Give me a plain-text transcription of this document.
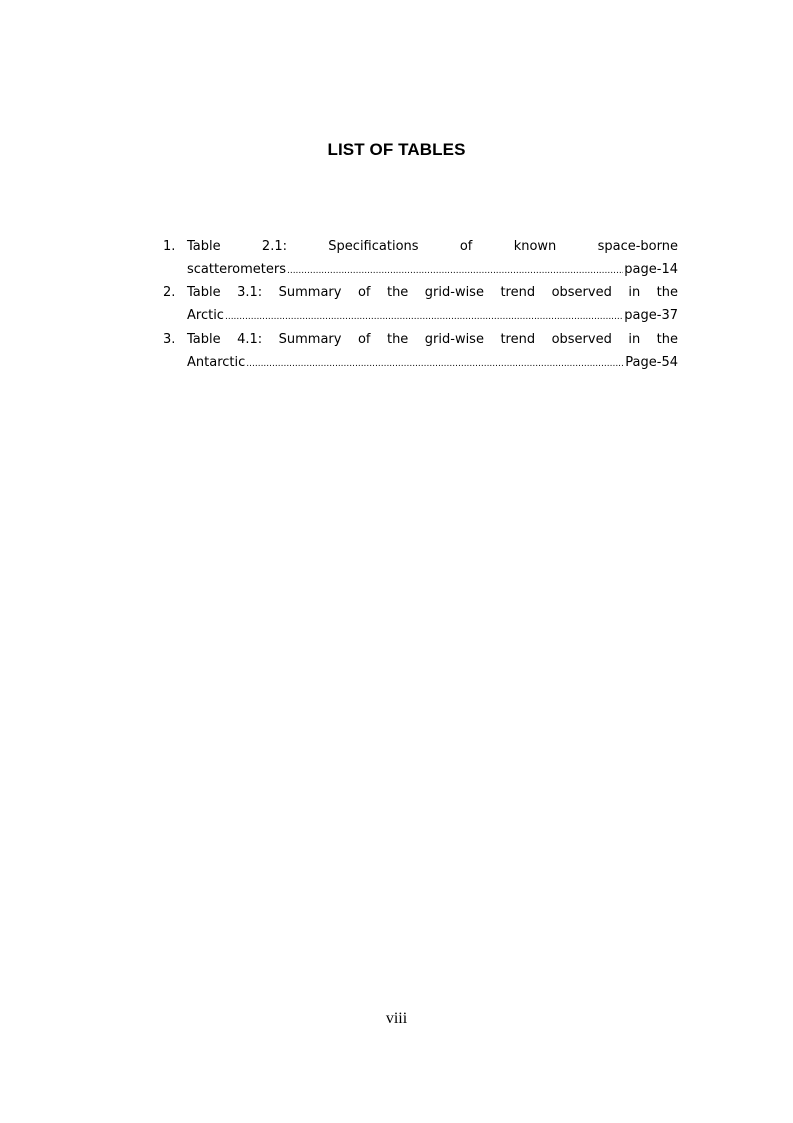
LIST OF TABLES
1. Table 2.1: Specifications of known space-borne
scatterometers .....	page-14
2. Table 3.1: Summary of the grid-wise trend observed in the
Arctic .....	page-37
3. Table 4.1: Summary of the grid-wise trend observed in the
Antarctic .....	Page-54
viii
